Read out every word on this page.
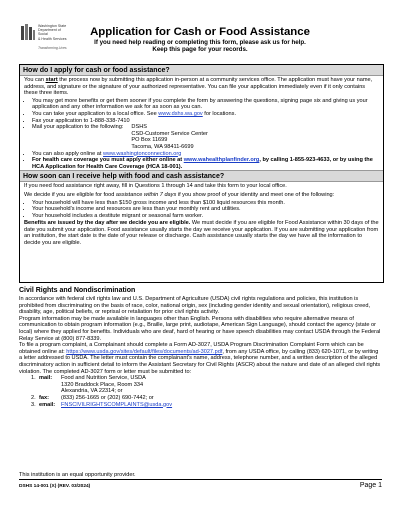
Washington State
Department of Social
& Health Services
Transforming Lives
Application for Cash or Food Assistance
If you need help reading or completing this form, please ask us for help.
Keep this page for your records.
How do I apply for cash or food assistance?
You can start the process now by submitting this application in-person at a community services office. The application must have your name, address, and signature or the signature of your authorized representative. You can file your application immediately even if it only contains these three items.
• You may get more benefits or get them sooner if you complete the form by answering the questions, signing page six and giving us your application and any other information we ask for as soon as you can.
• You can take your application to a local office. See www.dshs.wa.gov for locations.
• Fax your application to 1-888-338-7410
• Mail your application to the following: DSHS
CSD-Customer Service Center
PO Box 11699
Tacoma, WA 98411-6699
• You can also apply online at www.washingtonconnection.org
• For health care coverage you must apply either online at www.wahealthplanfinder.org, by calling 1-855-923-4633, or by using the HCA Application for Health Care Coverage (HCA 18-001).
How soon can I receive help with food and cash assistance?
If you need food assistance right away, fill in Questions 1 through 14 and take this form to your local office.
We decide if you are eligible for food assistance within 7 days if you show proof of your identity and meet one of the following:
• Your household will have less than $150 gross income and less than $100 liquid resources this month.
• Your household's income and resources are less than your monthly rent and utilities.
• Your household includes a destitute migrant or seasonal farm worker.
Benefits are issued by the day after we decide you are eligible. We must decide if you are eligible for Food Assistance within 30 days of the date you submit your application. Food assistance usually starts the day we receive your application. If you are submitting your application from an institution, the start date is the date of your release or discharge. Cash assistance usually starts the day we have all the information to decide you are eligible.
Civil Rights and Nondiscrimination
In accordance with federal civil rights law and U.S. Department of Agriculture (USDA) civil rights regulations and policies, this institution is prohibited from discriminating on the basis of race, color, national origin, sex (including gender identity and sexual orientation), religious creed, disability, age, political beliefs, or reprisal or retaliation for prior civil rights activity.
Program information may be made available in languages other than English. Persons with disabilities who require alternative means of communication to obtain program information (e.g., Braille, large print, audiotape, American Sign Language), should contact the agency (state or local) where they applied for benefits. Individuals who are deaf, hard of hearing or have speech disabilities may contact USDA through the Federal Relay Service at (800) 877-8339.
To file a program complaint, a Complainant should complete a Form AD-3027, USDA Program Discrimination Complaint Form which can be obtained online at: https://www.usda.gov/sites/default/files/documents/ad-3027.pdf, from any USDA office, by calling (833) 620-1071, or by writing a letter addressed to USDA. The letter must contain the complainant's name, address, telephone number, and a written description of the alleged discriminatory action in sufficient detail to inform the Assistant Secretary for Civil Rights (ASCR) about the nature and date of an alleged civil rights violation. The completed AD-3027 form or letter must be submitted to:
1. mail:	Food and Nutrition Service, USDA
1320 Braddock Place, Room 334
Alexandria, VA 22314; or
2. fax:	(833) 256-1665 or (202) 690-7442; or
3. email:	FNSCIVILRIGHTSCOMPLAINTS@usda.gov
This institution is an equal opportunity provider.
DSHS 14-001 (X) (REV. 03/2024)	Page 1
